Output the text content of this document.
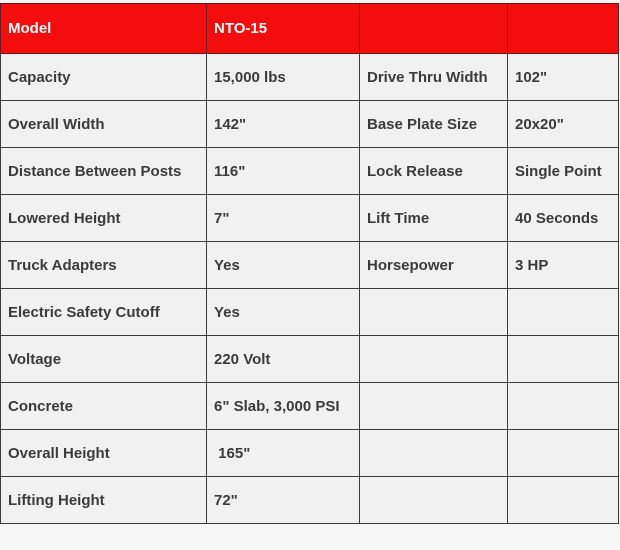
Model	NTO-15		
Capacity	15,000 lbs	Drive Thru Width	102"
Overall Width	142"	Base Plate Size	20x20"
Distance Between Posts	116"	Lock Release	Single Point
Lowered Height	7"	Lift Time	40 Seconds
Truck Adapters	Yes	Horsepower	3 HP
Electric Safety Cutoff	Yes		
Voltage	220 Volt		
Concrete	6" Slab, 3,000 PSI		
Overall Height	165"		
Lifting Height	72"		
